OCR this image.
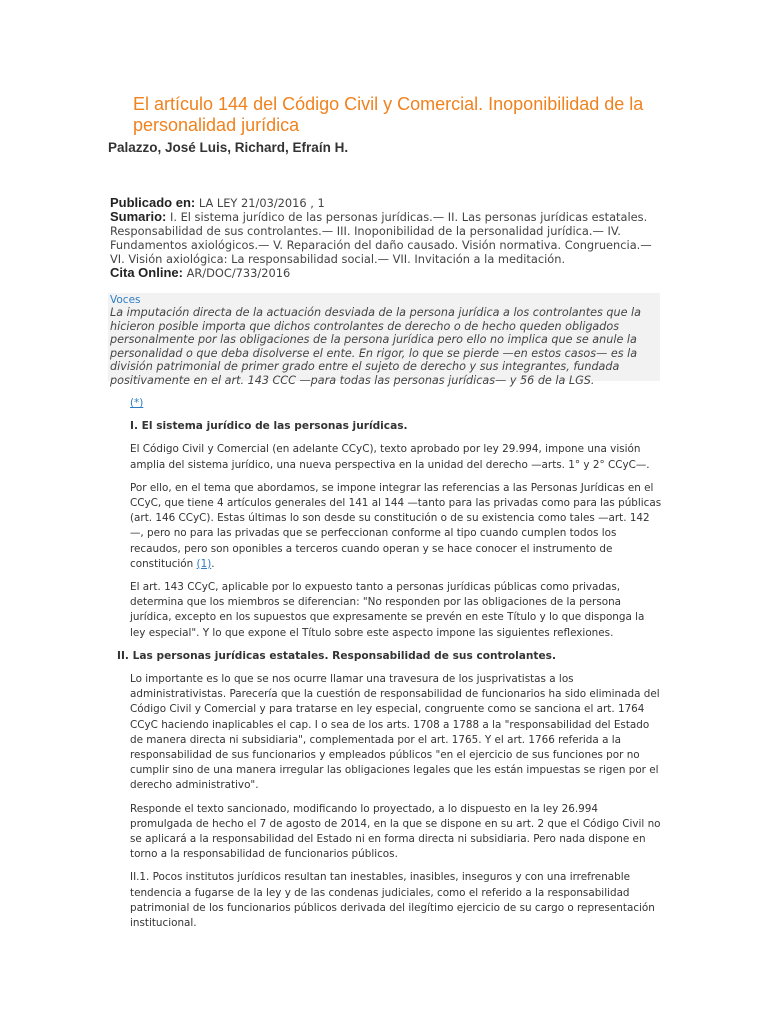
El artículo 144 del Código Civil y Comercial. Inoponibilidad de la personalidad jurídica

Palazzo, José Luis, Richard, Efraín H.

Publicado en: LA LEY 21/03/2016 , 1

Sumario: I. El sistema jurídico de las personas jurídicas.— II. Las personas jurídicas estatales. Responsabilidad de sus controlantes.— III. Inoponibilidad de la personalidad jurídica.— IV. Fundamentos axiológicos.— V. Reparación del daño causado. Visión normativa. Congruencia.— VI. Visión axiológica: La responsabilidad social.— VII. Invitación a la meditación.

Cita Online: AR/DOC/733/2016

Voces

La imputación directa de la actuación desviada de la persona jurídica a los controlantes que la hicieron posible importa que dichos controlantes de derecho o de hecho queden obligados personalmente por las obligaciones de la persona jurídica pero ello no implica que se anule la personalidad o que deba disolverse el ente. En rigor, lo que se pierde —en estos casos— es la división patrimonial de primer grado entre el sujeto de derecho y sus integrantes, fundada positivamente en el art. 143 CCC —para todas las personas jurídicas— y 56 de la LGS.

(*)

I. El sistema jurídico de las personas jurídicas.

El Código Civil y Comercial (en adelante CCyC), texto aprobado por ley 29.994, impone una visión amplia del sistema jurídico, una nueva perspectiva en la unidad del derecho —arts. 1° y 2° CCyC—.

Por ello, en el tema que abordamos, se impone integrar las referencias a las Personas Jurídicas en el CCyC, que tiene 4 artículos generales del 141 al 144 —tanto para las privadas como para las públicas (art. 146 CCyC). Estas últimas lo son desde su constitución o de su existencia como tales —art. 142—, pero no para las privadas que se perfeccionan conforme al tipo cuando cumplen todos los recaudos, pero son oponibles a terceros cuando operan y se hace conocer el instrumento de constitución (1).

El art. 143 CCyC, aplicable por lo expuesto tanto a personas jurídicas públicas como privadas, determina que los miembros se diferencian: "No responden por las obligaciones de la persona jurídica, excepto en los supuestos que expresamente se prevén en este Título y lo que disponga la ley especial". Y lo que expone el Título sobre este aspecto impone las siguientes reflexiones.

II. Las personas jurídicas estatales. Responsabilidad de sus controlantes.

Lo importante es lo que se nos ocurre llamar una travesura de los jusprivatistas a los administrativistas. Parecería que la cuestión de responsabilidad de funcionarios ha sido eliminada del Código Civil y Comercial y para tratarse en ley especial, congruente como se sanciona el art. 1764 CCyC haciendo inaplicables el cap. I o sea de los arts. 1708 a 1788 a la "responsabilidad del Estado de manera directa ni subsidiaria", complementada por el art. 1765. Y el art. 1766 referida a la responsabilidad de sus funcionarios y empleados públicos "en el ejercicio de sus funciones por no cumplir sino de una manera irregular las obligaciones legales que les están impuestas se rigen por el derecho administrativo".

Responde el texto sancionado, modificando lo proyectado, a lo dispuesto en la ley 26.994 promulgada de hecho el 7 de agosto de 2014, en la que se dispone en su art. 2 que el Código Civil no se aplicará a la responsabilidad del Estado ni en forma directa ni subsidiaria. Pero nada dispone en torno a la responsabilidad de funcionarios públicos.

II.1. Pocos institutos jurídicos resultan tan inestables, inasibles, inseguros y con una irrefrenable tendencia a fugarse de la ley y de las condenas judiciales, como el referido a la responsabilidad patrimonial de los funcionarios públicos derivada del ilegítimo ejercicio de su cargo o representación institucional.
